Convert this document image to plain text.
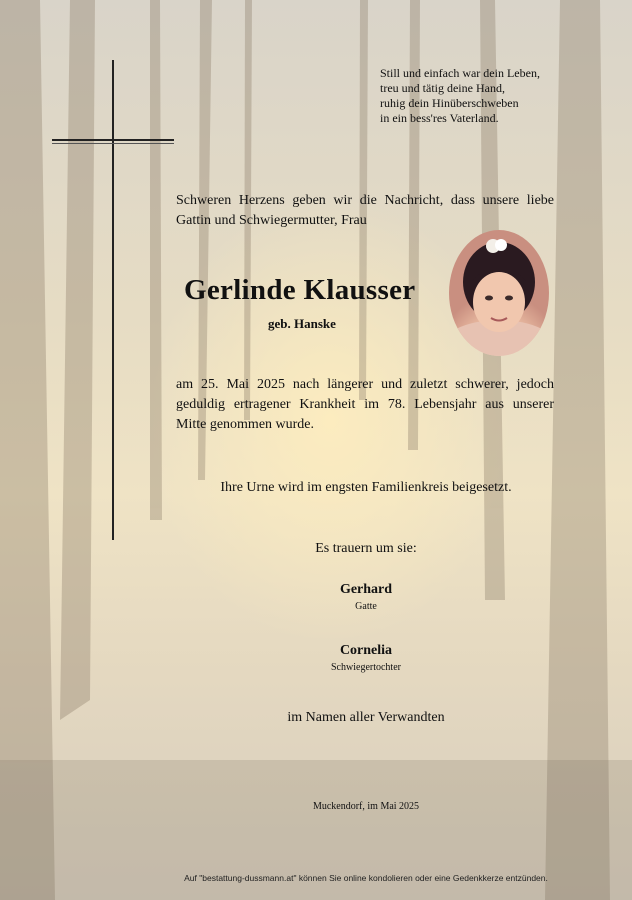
Still und einfach war dein Leben,
treu und tätig deine Hand,
ruhig dein Hinüberschweben
in ein bess'res Vaterland.
Schweren Herzens geben wir die Nachricht, dass unsere liebe
Gattin und Schwiegermutter, Frau
Gerlinde Klausser
geb. Hanske
am 25. Mai 2025 nach längerer und zuletzt schwerer, jedoch
geduldig ertragener Krankheit im 78. Lebensjahr aus unserer
Mitte genommen wurde.
Ihre Urne wird im engsten Familienkreis beigesetzt.
Es trauern um sie:
Gerhard
Gatte
Cornelia
Schwiegertochter
im Namen aller Verwandten
Muckendorf, im Mai 2025
Auf "bestattung-dussmann.at" können Sie online kondolieren oder eine Gedenkkerze entzünden.
